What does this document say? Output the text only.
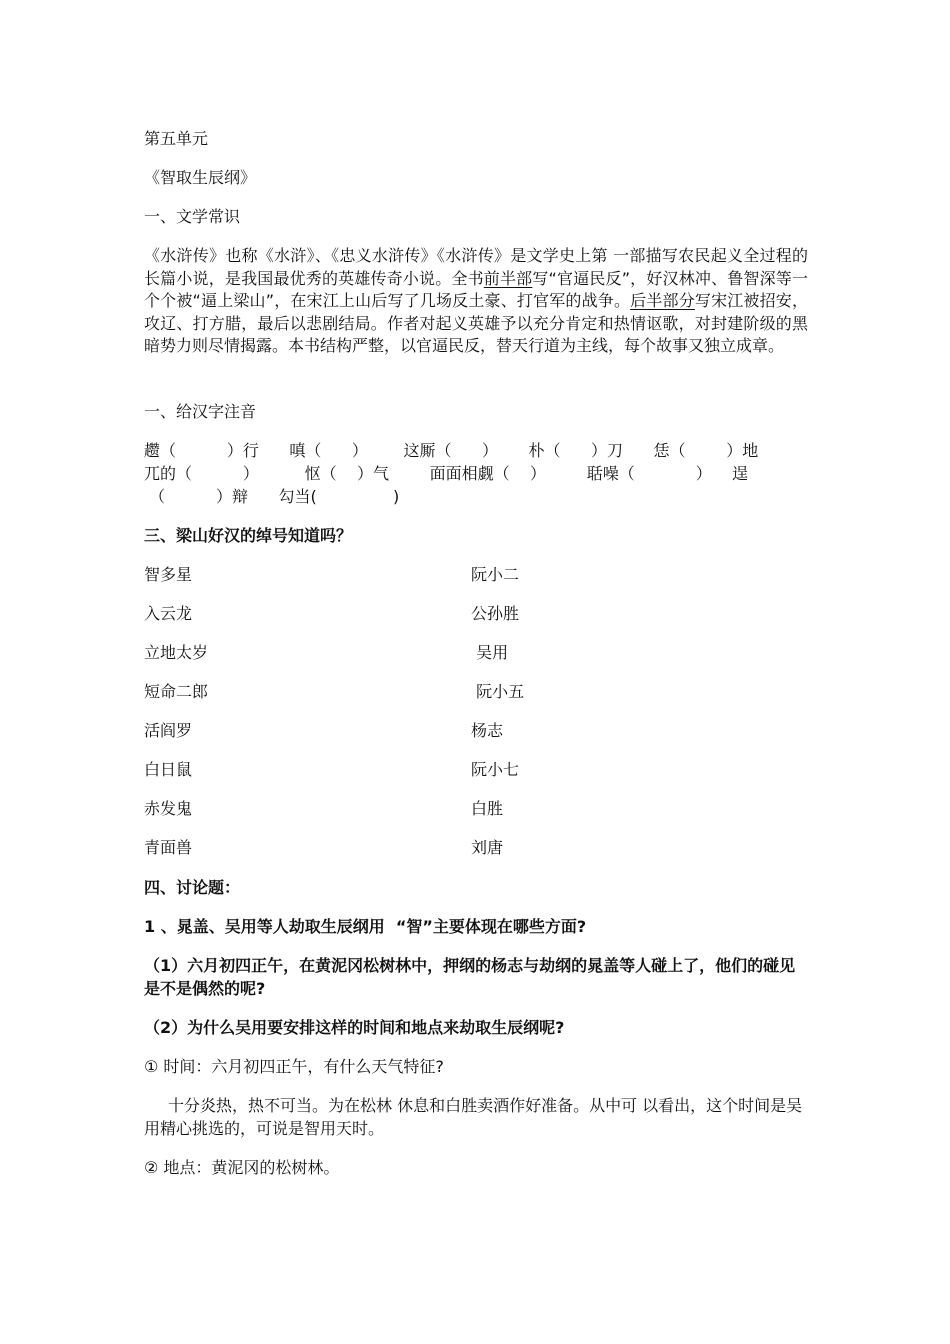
第五单元
《智取生辰纲》
一、文学常识
《水浒传》也称《水浒》、《忠义水浒传》《水浒传》是文学史上第 一部描写农民起义全过程的长篇小说，是我国最优秀的英雄传奇小说。全书前半部写“官逼民反”，好汉林冲、鲁智深等一个个被“逼上梁山”，在宋江上山后写了几场反土豪、打官军的战争。后半部分写宋江被招安，攻辽、打方腊，最后以悲剧结局。作者对起义英雄予以充分肯定和热情讴歌，对封建阶级的黑暗势力则尽情揭露。本书结构严整，以官逼民反，替天行道为主线，每个故事又独立成章。
一、给汉字注音
趱（          ）行      嗔（      ）       这厮（      ）      朴（      ）刀      恁（        ）地
兀的（          ）         怄（    ）气        面面相觑（    ）        聒噪（            ）    逞
（          ）辩      勾当(               )
三、梁山好汉的绰号知道吗？
智多星	阮小二
入云龙	公孙胜
立地太岁	吴用
短命二郎	阮小五
活阎罗	杨志
白日鼠	阮小七
赤发鬼	白胜
青面兽	刘唐
四、讨论题：
1 、晁盖、吴用等人劫取生辰纲用  “智”主要体现在哪些方面?
（1）六月初四正午，在黄泥冈松树林中，押纲的杨志与劫纲的晁盖等人碰上了，他们的碰见是不是偶然的呢?
（2）为什么吴用要安排这样的时间和地点来劫取生辰纲呢?
① 时间：六月初四正午，有什么天气特征?
十分炎热，热不可当。为在松林 休息和白胜卖酒作好准备。从中可 以看出，这个时间是吴用精心挑选的，可说是智用天时。
② 地点：黄泥冈的松树林。
